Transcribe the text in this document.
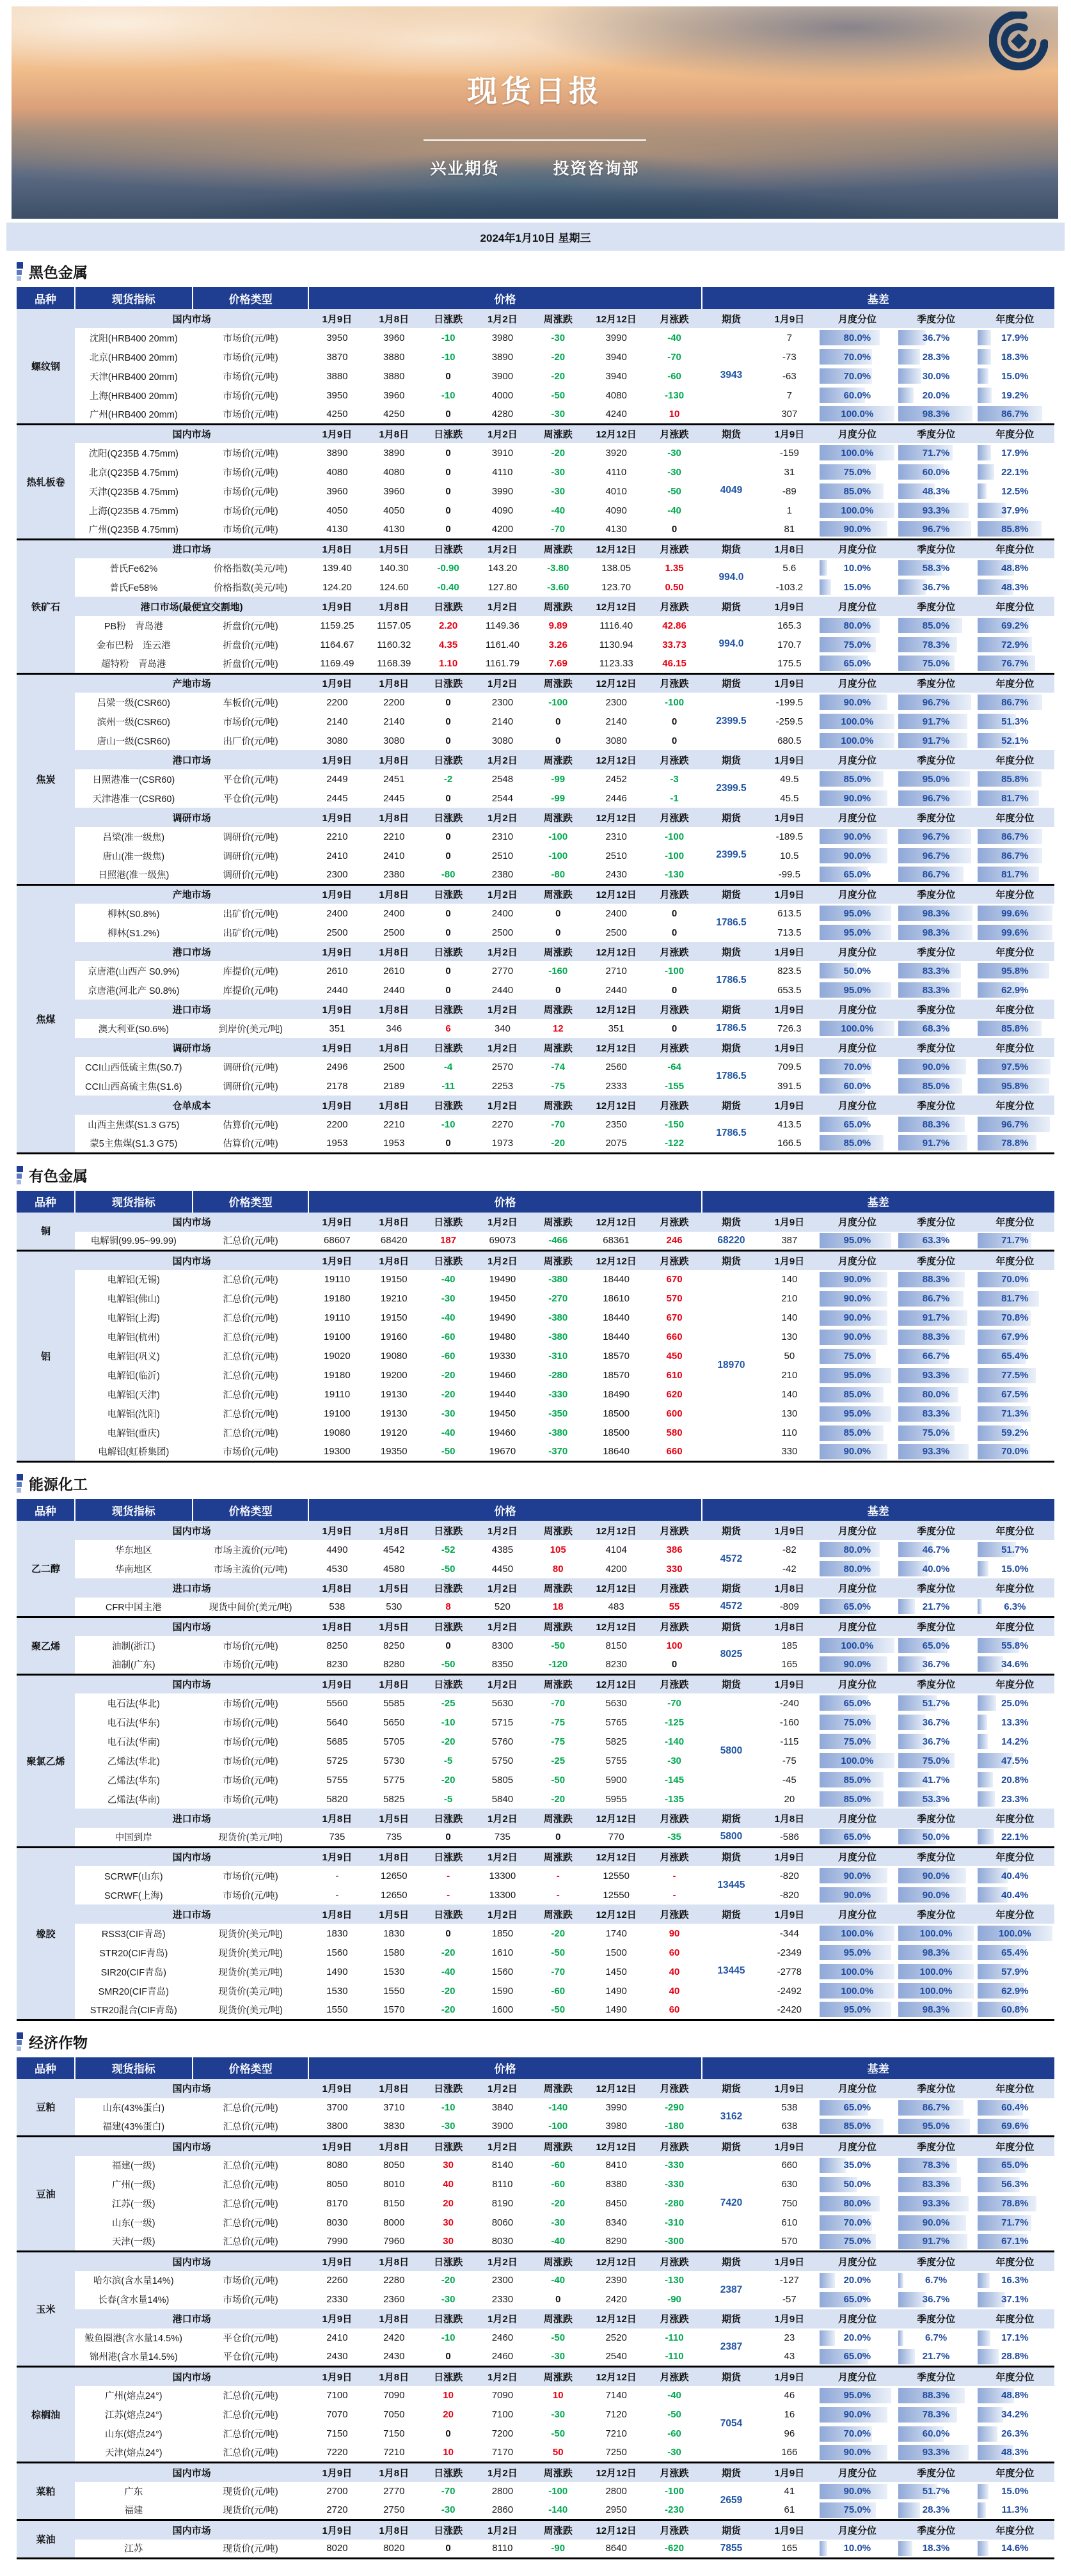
现货日报
兴业期货	投资咨询部
2024年1月10日 星期三
黑色金属
品种	现货指标	价格类型	价格							基差				
螺纹钢	国内市场		1月9日	1月8日	日涨跌	1月2日	周涨跌	12月12日	月涨跌	期货	1月9日	月度分位	季度分位	年度分位
	沈阳(HRB400 20mm)	市场价(元/吨)	3950	3960	-10	3980	-30	3990	-40	3943	7	80.0%	36.7%	17.9%

	北京(HRB400 20mm)	市场价(元/吨)	3870	3880	-10	3890	-20	3940	-70		-73	70.0%	28.3%	18.3%

	天津(HRB400 20mm)	市场价(元/吨)	3880	3880	0	3900	-20	3940	-60		-63	70.0%	30.0%	15.0%

	上海(HRB400 20mm)	市场价(元/吨)	3950	3960	-10	4000	-50	4080	-130		7	60.0%	20.0%	19.2%

	广州(HRB400 20mm)	市场价(元/吨)	4250	4250	0	4280	-30	4240	10		307	100.0%	98.3%	86.7%

热轧板卷	国内市场		1月9日	1月8日	日涨跌	1月2日	周涨跌	12月12日	月涨跌	期货	1月9日	月度分位	季度分位	年度分位
	沈阳(Q235B 4.75mm)	市场价(元/吨)	3890	3890	0	3910	-20	3920	-30	4049	-159	100.0%	71.7%	17.9%

	北京(Q235B 4.75mm)	市场价(元/吨)	4080	4080	0	4110	-30	4110	-30		31	75.0%	60.0%	22.1%

	天津(Q235B 4.75mm)	市场价(元/吨)	3960	3960	0	3990	-30	4010	-50		-89	85.0%	48.3%	12.5%

	上海(Q235B 4.75mm)	市场价(元/吨)	4050	4050	0	4090	-40	4090	-40		1	100.0%	93.3%	37.9%

	广州(Q235B 4.75mm)	市场价(元/吨)	4130	4130	0	4200	-70	4130	0		81	90.0%	96.7%	85.8%

铁矿石	进口市场		1月8日	1月5日	日涨跌	1月2日	周涨跌	12月12日	月涨跌	期货	1月8日	月度分位	季度分位	年度分位
	普氏Fe62%	价格指数(美元/吨)	139.40	140.30	-0.90	143.20	-3.80	138.05	1.35	994.0	5.6	10.0%	58.3%	48.8%

	普氏Fe58%	价格指数(美元/吨)	124.20	124.60	-0.40	127.80	-3.60	123.70	0.50		-103.2	15.0%	36.7%	48.3%

	港口市场(最便宜交割地)		1月9日	1月8日	日涨跌	1月2日	周涨跌	12月12日	月涨跌	期货	1月9日	月度分位	季度分位	年度分位
	PB粉　青岛港	折盘价(元/吨)	1159.25	1157.05	2.20	1149.36	9.89	1116.40	42.86	994.0	165.3	80.0%	85.0%	69.2%

	金布巴粉　连云港	折盘价(元/吨)	1164.67	1160.32	4.35	1161.40	3.26	1130.94	33.73		170.7	75.0%	78.3%	72.9%

	超特粉　青岛港	折盘价(元/吨)	1169.49	1168.39	1.10	1161.79	7.69	1123.33	46.15		175.5	65.0%	75.0%	76.7%

焦炭	产地市场		1月9日	1月8日	日涨跌	1月2日	周涨跌	12月12日	月涨跌	期货	1月9日	月度分位	季度分位	年度分位
	吕梁一级(CSR60)	车板价(元/吨)	2200	2200	0	2300	-100	2300	-100	2399.5	-199.5	90.0%	96.7%	86.7%

	滨州一级(CSR60)	市场价(元/吨)	2140	2140	0	2140	0	2140	0		-259.5	100.0%	91.7%	51.3%

	唐山一级(CSR60)	出厂价(元/吨)	3080	3080	0	3080	0	3080	0		680.5	100.0%	91.7%	52.1%

	港口市场		1月9日	1月8日	日涨跌	1月2日	周涨跌	12月12日	月涨跌	期货	1月9日	月度分位	季度分位	年度分位
	日照港准一(CSR60)	平仓价(元/吨)	2449	2451	-2	2548	-99	2452	-3	2399.5	49.5	85.0%	95.0%	85.8%

	天津港准一(CSR60)	平仓价(元/吨)	2445	2445	0	2544	-99	2446	-1		45.5	90.0%	96.7%	81.7%

	调研市场		1月9日	1月8日	日涨跌	1月2日	周涨跌	12月12日	月涨跌	期货	1月9日	月度分位	季度分位	年度分位
	吕梁(准一级焦)	调研价(元/吨)	2210	2210	0	2310	-100	2310	-100	2399.5	-189.5	90.0%	96.7%	86.7%

	唐山(准一级焦)	调研价(元/吨)	2410	2410	0	2510	-100	2510	-100		10.5	90.0%	96.7%	86.7%

	日照港(准一级焦)	调研价(元/吨)	2300	2380	-80	2380	-80	2430	-130		-99.5	65.0%	86.7%	81.7%

焦煤	产地市场		1月9日	1月8日	日涨跌	1月2日	周涨跌	12月12日	月涨跌	期货	1月9日	月度分位	季度分位	年度分位
	柳林(S0.8%)	出矿价(元/吨)	2400	2400	0	2400	0	2400	0	1786.5	613.5	95.0%	98.3%	99.6%

	柳林(S1.2%)	出矿价(元/吨)	2500	2500	0	2500	0	2500	0		713.5	95.0%	98.3%	99.6%

	港口市场		1月9日	1月8日	日涨跌	1月2日	周涨跌	12月12日	月涨跌	期货	1月9日	月度分位	季度分位	年度分位
	京唐港(山西产 S0.9%)	库提价(元/吨)	2610	2610	0	2770	-160	2710	-100	1786.5	823.5	50.0%	83.3%	95.8%

	京唐港(河北产 S0.8%)	库提价(元/吨)	2440	2440	0	2440	0	2440	0		653.5	95.0%	83.3%	62.9%

	进口市场		1月9日	1月8日	日涨跌	1月2日	周涨跌	12月12日	月涨跌	期货	1月9日	月度分位	季度分位	年度分位
	澳大利亚(S0.6%)	到岸价(美元/吨)	351	346	6	340	12	351	0	1786.5	726.3	100.0%	68.3%	85.8%

	调研市场		1月9日	1月8日	日涨跌	1月2日	周涨跌	12月12日	月涨跌	期货	1月9日	月度分位	季度分位	年度分位
	CCI山西低硫主焦(S0.7)	调研价(元/吨)	2496	2500	-4	2570	-74	2560	-64	1786.5	709.5	70.0%	90.0%	97.5%

	CCI山西高硫主焦(S1.6)	调研价(元/吨)	2178	2189	-11	2253	-75	2333	-155		391.5	60.0%	85.0%	95.8%

	仓单成本		1月9日	1月8日	日涨跌	1月2日	周涨跌	12月12日	月涨跌	期货	1月9日	月度分位	季度分位	年度分位
	山西主焦煤(S1.3 G75)	估算价(元/吨)	2200	2210	-10	2270	-70	2350	-150	1786.5	413.5	65.0%	88.3%	96.7%

	蒙5主焦煤(S1.3 G75)	估算价(元/吨)	1953	1953	0	1973	-20	2075	-122		166.5	85.0%	91.7%	78.8%
有色金属
品种	现货指标	价格类型	价格							基差				
铜	国内市场		1月9日	1月8日	日涨跌	1月2日	周涨跌	12月12日	月涨跌	期货	1月9日	月度分位	季度分位	年度分位
	电解铜(99.95~99.99)	汇总价(元/吨)	68607	68420	187	69073	-466	68361	246	68220	387	95.0%	63.3%	71.7%

铝	国内市场		1月9日	1月8日	日涨跌	1月2日	周涨跌	12月12日	月涨跌	期货	1月9日	月度分位	季度分位	年度分位
	电解铝(无锡)	汇总价(元/吨)	19110	19150	-40	19490	-380	18440	670	18970	140	90.0%	88.3%	70.0%

	电解铝(佛山)	汇总价(元/吨)	19180	19210	-30	19450	-270	18610	570		210	90.0%	86.7%	81.7%

	电解铝(上海)	汇总价(元/吨)	19110	19150	-40	19490	-380	18440	670		140	90.0%	91.7%	70.8%

	电解铝(杭州)	汇总价(元/吨)	19100	19160	-60	19480	-380	18440	660		130	90.0%	88.3%	67.9%

	电解铝(巩义)	汇总价(元/吨)	19020	19080	-60	19330	-310	18570	450		50	75.0%	66.7%	65.4%

	电解铝(临沂)	汇总价(元/吨)	19180	19200	-20	19460	-280	18570	610		210	95.0%	93.3%	77.5%

	电解铝(天津)	汇总价(元/吨)	19110	19130	-20	19440	-330	18490	620		140	85.0%	80.0%	67.5%

	电解铝(沈阳)	汇总价(元/吨)	19100	19130	-30	19450	-350	18500	600		130	95.0%	83.3%	71.3%

	电解铝(重庆)	汇总价(元/吨)	19080	19120	-40	19460	-380	18500	580		110	85.0%	75.0%	59.2%

	电解铝(虹桥集团)	市场价(元/吨)	19300	19350	-50	19670	-370	18640	660		330	90.0%	93.3%	70.0%
能源化工
品种	现货指标	价格类型	价格							基差				
乙二醇	国内市场		1月9日	1月8日	日涨跌	1月2日	周涨跌	12月12日	月涨跌	期货	1月9日	月度分位	季度分位	年度分位
	华东地区	市场主流价(元/吨)	4490	4542	-52	4385	105	4104	386	4572	-82	80.0%	46.7%	51.7%

	华南地区	市场主流价(元/吨)	4530	4580	-50	4450	80	4200	330		-42	80.0%	40.0%	15.0%

	进口市场		1月8日	1月5日	日涨跌	1月2日	周涨跌	12月12日	月涨跌	期货	1月8日	月度分位	季度分位	年度分位
	CFR中国主港	现货中间价(美元/吨)	538	530	8	520	18	483	55	4572	-809	65.0%	21.7%	6.3%

聚乙烯	国内市场		1月8日	1月5日	日涨跌	1月2日	周涨跌	12月12日	月涨跌	期货	1月8日	月度分位	季度分位	年度分位
	油制(浙江)	市场价(元/吨)	8250	8250	0	8300	-50	8150	100	8025	185	100.0%	65.0%	55.8%

	油制(广东)	市场价(元/吨)	8230	8280	-50	8350	-120	8230	0		165	90.0%	36.7%	34.6%

聚氯乙烯	国内市场		1月9日	1月8日	日涨跌	1月2日	周涨跌	12月12日	月涨跌	期货	1月9日	月度分位	季度分位	年度分位
	电石法(华北)	市场价(元/吨)	5560	5585	-25	5630	-70	5630	-70	5800	-240	65.0%	51.7%	25.0%

	电石法(华东)	市场价(元/吨)	5640	5650	-10	5715	-75	5765	-125		-160	75.0%	36.7%	13.3%

	电石法(华南)	市场价(元/吨)	5685	5705	-20	5760	-75	5825	-140		-115	75.0%	36.7%	14.2%

	乙烯法(华北)	市场价(元/吨)	5725	5730	-5	5750	-25	5755	-30		-75	100.0%	75.0%	47.5%

	乙烯法(华东)	市场价(元/吨)	5755	5775	-20	5805	-50	5900	-145		-45	85.0%	41.7%	20.8%

	乙烯法(华南)	市场价(元/吨)	5820	5825	-5	5840	-20	5955	-135		20	85.0%	53.3%	23.3%

	进口市场		1月8日	1月5日	日涨跌	1月2日	周涨跌	12月12日	月涨跌	期货	1月8日	月度分位	季度分位	年度分位
	中国到岸	现货价(美元/吨)	735	735	0	735	0	770	-35	5800	-586	65.0%	50.0%	22.1%

橡胶	国内市场		1月9日	1月8日	日涨跌	1月2日	周涨跌	12月12日	月涨跌	期货	1月9日	月度分位	季度分位	年度分位
	SCRWF(山东)	市场价(元/吨)	-	12650	-	13300	-	12550	-	13445	-820	90.0%	90.0%	40.4%

	SCRWF(上海)	市场价(元/吨)	-	12650	-	13300	-	12550	-		-820	90.0%	90.0%	40.4%

	进口市场		1月8日	1月5日	日涨跌	1月2日	周涨跌	12月12日	月涨跌	期货	1月9日	月度分位	季度分位	年度分位
	RSS3(CIF青岛)	现货价(美元/吨)	1830	1830	0	1850	-20	1740	90	13445	-344	100.0%	100.0%	100.0%

	STR20(CIF青岛)	现货价(美元/吨)	1560	1580	-20	1610	-50	1500	60		-2349	95.0%	98.3%	65.4%

	SIR20(CIF青岛)	现货价(美元/吨)	1490	1530	-40	1560	-70	1450	40		-2778	100.0%	100.0%	57.9%

	SMR20(CIF青岛)	现货价(美元/吨)	1530	1550	-20	1590	-60	1490	40		-2492	100.0%	100.0%	62.9%

	STR20混合(CIF青岛)	现货价(美元/吨)	1550	1570	-20	1600	-50	1490	60		-2420	95.0%	98.3%	60.8%
经济作物
品种	现货指标	价格类型	价格							基差				
豆粕	国内市场		1月9日	1月8日	日涨跌	1月2日	周涨跌	12月12日	月涨跌	期货	1月9日	月度分位	季度分位	年度分位
	山东(43%蛋白)	汇总价(元/吨)	3700	3710	-10	3840	-140	3990	-290	3162	538	65.0%	86.7%	60.4%

	福建(43%蛋白)	汇总价(元/吨)	3800	3830	-30	3900	-100	3980	-180		638	85.0%	95.0%	69.6%

豆油	国内市场		1月9日	1月8日	日涨跌	1月2日	周涨跌	12月12日	月涨跌	期货	1月9日	月度分位	季度分位	年度分位
	福建(一级)	汇总价(元/吨)	8080	8050	30	8140	-60	8410	-330	7420	660	35.0%	78.3%	65.0%

	广州(一级)	汇总价(元/吨)	8050	8010	40	8110	-60	8380	-330		630	50.0%	83.3%	56.3%

	江苏(一级)	汇总价(元/吨)	8170	8150	20	8190	-20	8450	-280		750	80.0%	93.3%	78.8%

	山东(一级)	汇总价(元/吨)	8030	8000	30	8060	-30	8340	-310		610	70.0%	90.0%	71.7%

	天津(一级)	汇总价(元/吨)	7990	7960	30	8030	-40	8290	-300		570	75.0%	91.7%	67.1%

玉米	国内市场		1月9日	1月8日	日涨跌	1月2日	周涨跌	12月12日	月涨跌	期货	1月9日	月度分位	季度分位	年度分位
	哈尔滨(含水量14%)	市场价(元/吨)	2260	2280	-20	2300	-40	2390	-130	2387	-127	20.0%	6.7%	16.3%

	长春(含水量14%)	市场价(元/吨)	2330	2360	-30	2330	0	2420	-90		-57	65.0%	36.7%	37.1%

	港口市场		1月9日	1月8日	日涨跌	1月2日	周涨跌	12月12日	月涨跌	期货	1月9日	月度分位	季度分位	年度分位
	鲅鱼圈港(含水量14.5%)	平仓价(元/吨)	2410	2420	-10	2460	-50	2520	-110	2387	23	20.0%	6.7%	17.1%

	锦州港(含水量14.5%)	平仓价(元/吨)	2430	2430	0	2460	-30	2540	-110		43	65.0%	21.7%	28.8%

棕榈油	国内市场		1月9日	1月8日	日涨跌	1月2日	周涨跌	12月12日	月涨跌	期货	1月9日	月度分位	季度分位	年度分位
	广州(熔点24°)	汇总价(元/吨)	7100	7090	10	7090	10	7140	-40	7054	46	95.0%	88.3%	48.8%

	江苏(熔点24°)	汇总价(元/吨)	7070	7050	20	7100	-30	7120	-50		16	90.0%	78.3%	34.2%

	山东(熔点24°)	汇总价(元/吨)	7150	7150	0	7200	-50	7210	-60		96	70.0%	60.0%	26.3%

	天津(熔点24°)	汇总价(元/吨)	7220	7210	10	7170	50	7250	-30		166	90.0%	93.3%	48.3%

菜粕	国内市场		1月9日	1月8日	日涨跌	1月2日	周涨跌	12月12日	月涨跌	期货	1月9日	月度分位	季度分位	年度分位
	广东	现货价(元/吨)	2700	2770	-70	2800	-100	2800	-100	2659	41	90.0%	51.7%	15.0%

	福建	现货价(元/吨)	2720	2750	-30	2860	-140	2950	-230		61	75.0%	28.3%	11.3%

菜油	国内市场		1月9日	1月8日	日涨跌	1月2日	周涨跌	12月12日	月涨跌	期货	1月9日	月度分位	季度分位	年度分位
	江苏	现货价(元/吨)	8020	8020	0	8110	-90	8640	-620	7855	165	10.0%	18.3%	14.6%
